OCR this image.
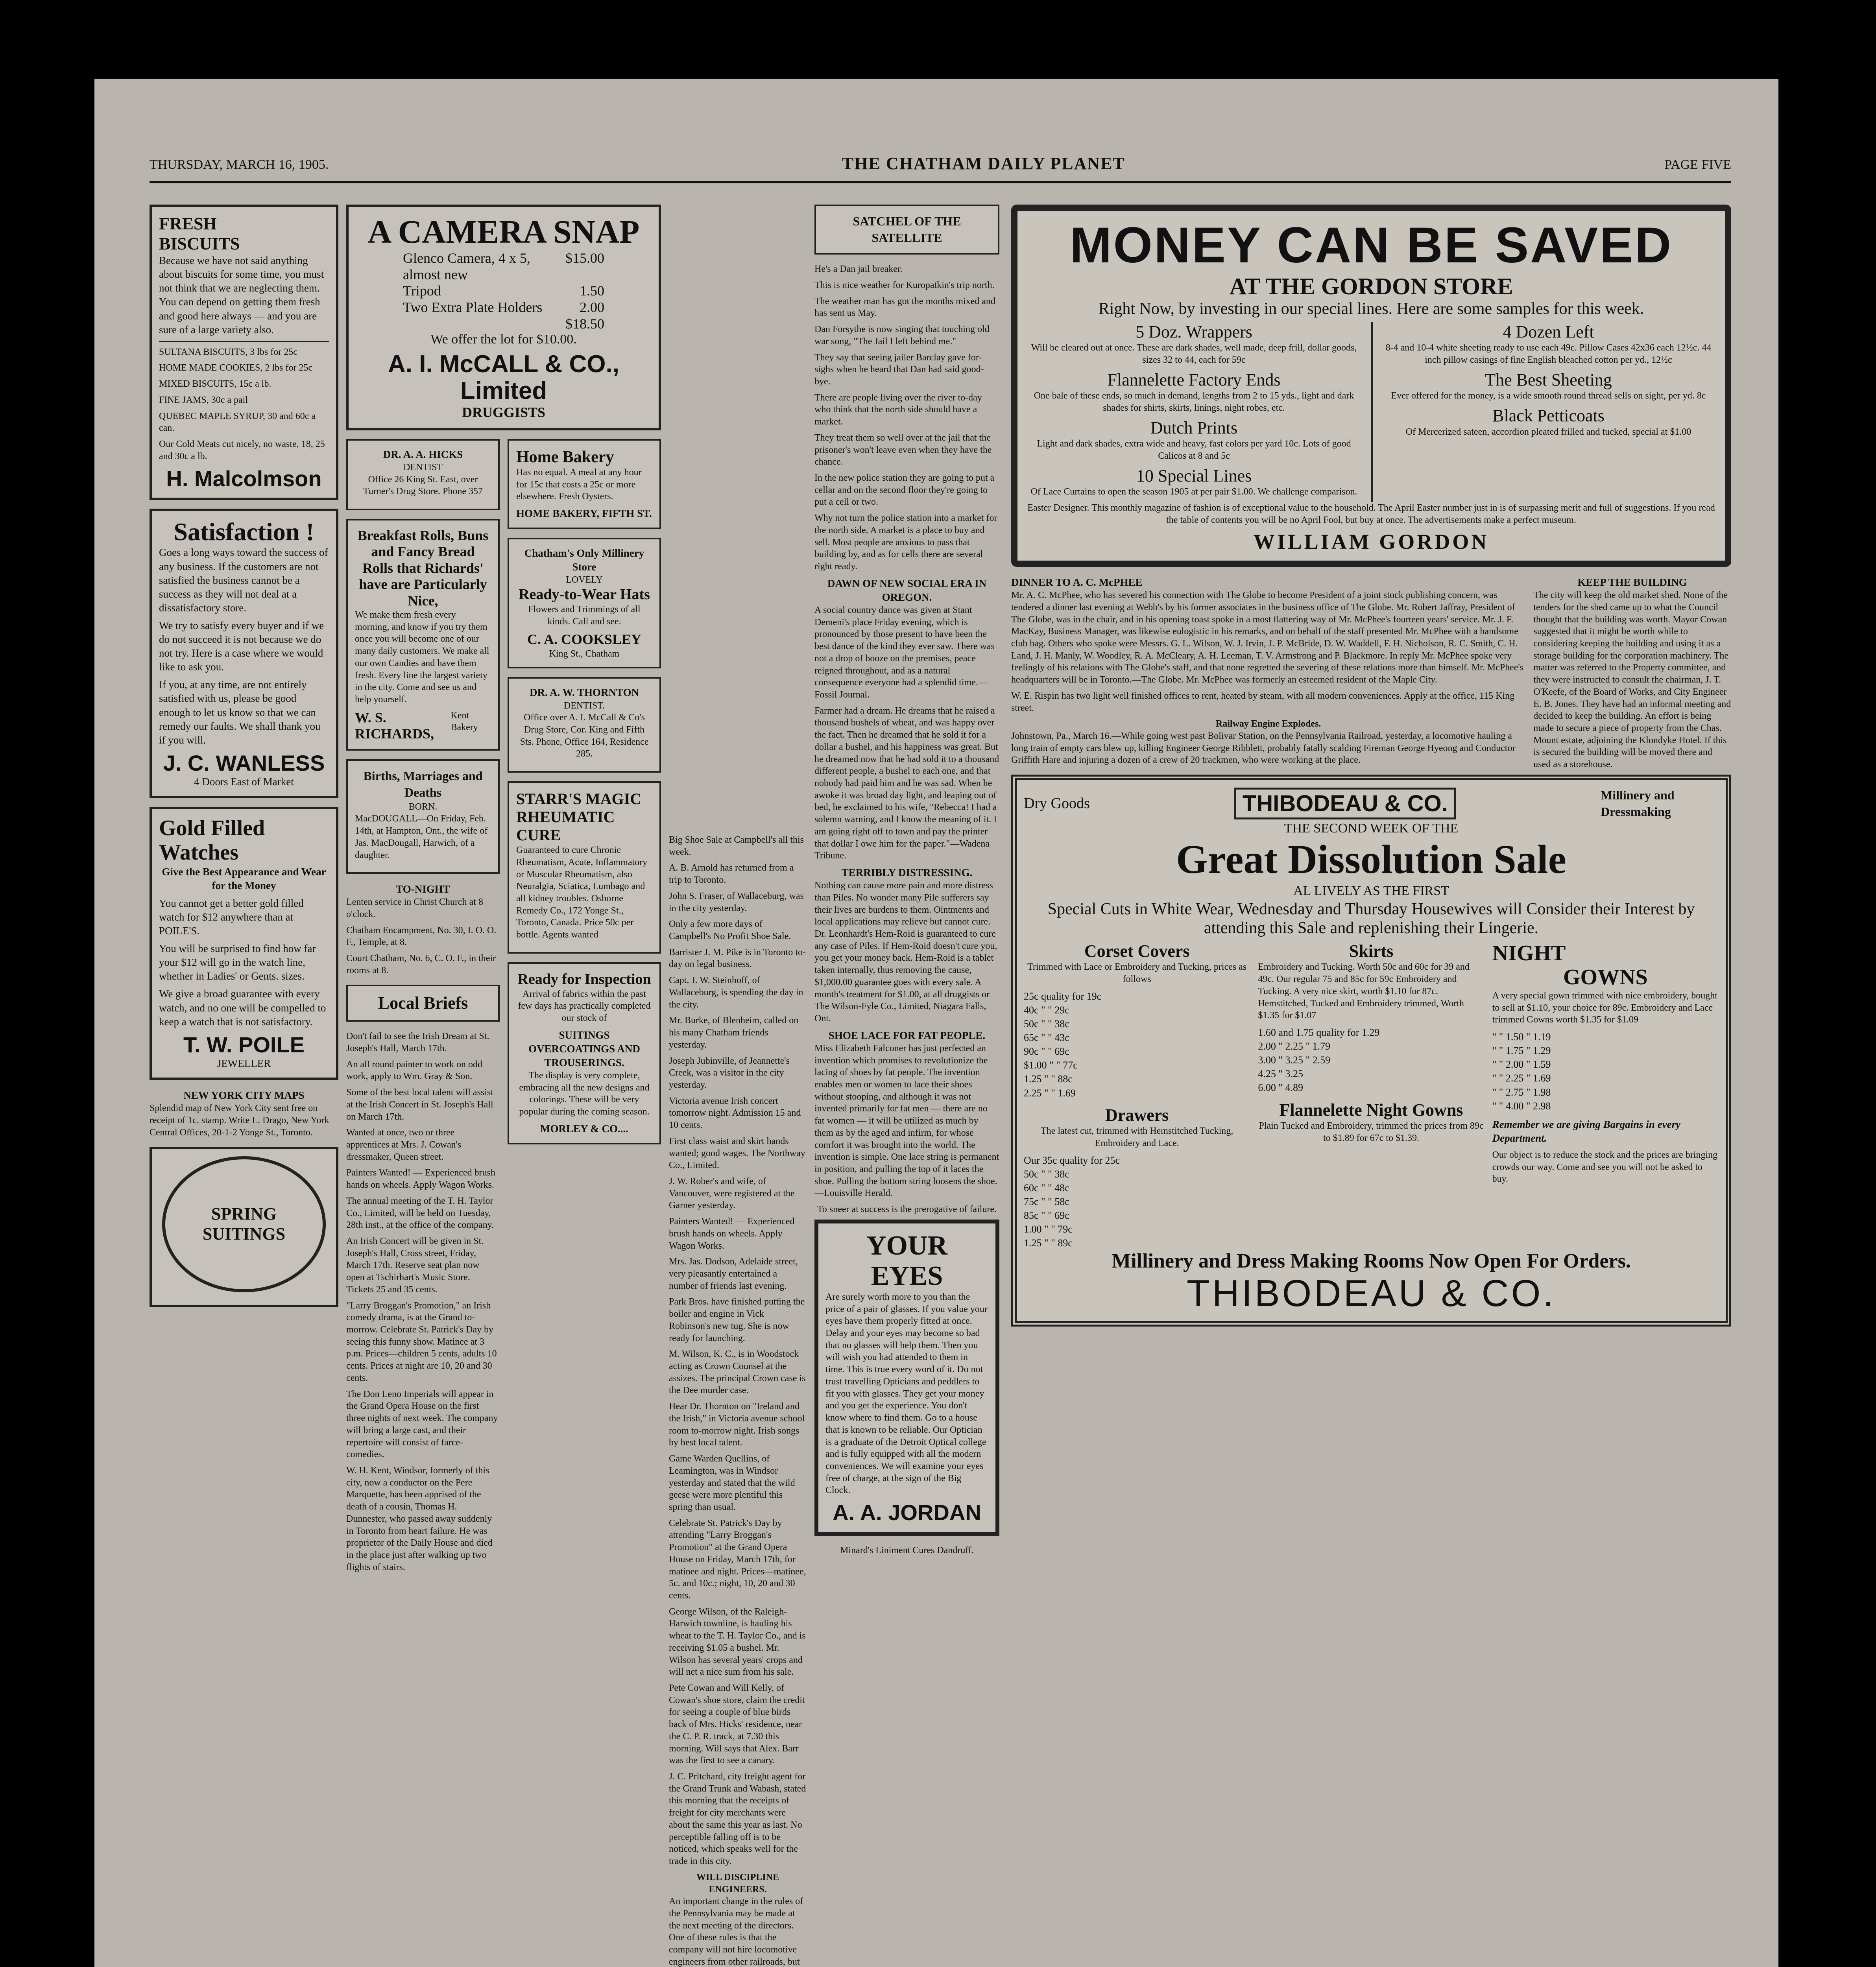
THURSDAY, MARCH 16, 1905.	THE CHATHAM DAILY PLANET	PAGE FIVE
FRESH
BISCUITS

Because we have not said anything about biscuits for some time, you must not think that we are neglecting them. You can depend on getting them fresh and good here always — and you are sure of a large variety also.

SULTANA BISCUITS, 3 lbs for 25c

HOME MADE COOKIES, 2 lbs for 25c

MIXED BISCUITS, 15c a lb.

FINE JAMS, 30c a pail

QUEBEC MAPLE SYRUP, 30 and 60c a can.

Our Cold Meats cut nicely, no waste, 18, 25 and 30c a lb.

H. Malcolmson
Satisfaction !

Goes a long ways toward the success of any business. If the customers are not satisfied the business cannot be a success as they will not deal at a dissatisfactory store.

We try to satisfy every buyer and if we do not succeed it is not because we do not try. Here is a case where we would like to ask you.

If you, at any time, are not entirely satisfied with us, please be good enough to let us know so that we can remedy our faults. We shall thank you if you will.

J. C. WANLESS
4 Doors East of Market
Gold Filled
Watches

Give the Best Appearance and Wear for the Money

You cannot get a better gold filled watch for $12 anywhere than at POILE'S.

You will be surprised to find how far your $12 will go in the watch line, whether in Ladies' or Gents. sizes.

We give a broad guarantee with every watch, and no one will be compelled to keep a watch that is not satisfactory.

T. W. POILE
JEWELLER
NEW YORK CITY MAPS

Splendid map of New York City sent free on receipt of 1c. stamp. Write L. Drago, New York Central Offices, 20-1-2 Yonge St., Toronto.

SPRING
SUITINGS
A CAMERA SNAP
Glenco Camera, 4 x 5, almost new
$15.00
Tripod	1.50
Two Extra Plate Holders	2.00
$18.50

We offer the lot for $10.00.

A. I. McCALL & CO., Limited
DRUGGISTS
DR. A. A. HICKS
DENTIST

Office 26 King St. East, over Turner's Drug Store. Phone 357

Breakfast Rolls, Buns and Fancy Bread Rolls that Richards' have are Particularly Nice,

We make them fresh every morning, and know if you try them once you will become one of our many daily customers. We make all our own Candies and have them fresh. Every line the largest variety in the city. Come and see us and help yourself.

W. S. RICHARDS,
Kent Bakery
Births, Marriages and Deaths
BORN.

MacDOUGALL—On Friday, Feb. 14th, at Hampton, Ont., the wife of Jas. MacDougall, Harwich, of a daughter.

TO-NIGHT

Lenten service in Christ Church at 8 o'clock.

Chatham Encampment, No. 30, I. O. O. F., Temple, at 8.

Court Chatham, No. 6, C. O. F., in their rooms at 8.

Local Briefs

Don't fail to see the Irish Dream at St. Joseph's Hall, March 17th.

An all round painter to work on odd work, apply to Wm. Gray & Son.

Some of the best local talent will assist at the Irish Concert in St. Joseph's Hall on March 17th.

Wanted at once, two or three apprentices at Mrs. J. Cowan's dressmaker, Queen street.

Painters Wanted! — Experienced brush hands on wheels. Apply Wagon Works.

The annual meeting of the T. H. Taylor Co., Limited, will be held on Tuesday, 28th inst., at the office of the company.

An Irish Concert will be given in St. Joseph's Hall, Cross street, Friday, March 17th. Reserve seat plan now open at Tschirhart's Music Store. Tickets 25 and 35 cents.

"Larry Broggan's Promotion," an Irish comedy drama, is at the Grand to-morrow. Celebrate St. Patrick's Day by seeing this funny show. Matinee at 3 p.m. Prices—children 5 cents, adults 10 cents. Prices at night are 10, 20 and 30 cents.

The Don Leno Imperials will appear in the Grand Opera House on the first three nights of next week. The company will bring a large cast, and their repertoire will consist of farce-comedies.

W. H. Kent, Windsor, formerly of this city, now a conductor on the Pere Marquette, has been apprised of the death of a cousin, Thomas H. Dunnester, who passed away suddenly in Toronto from heart failure. He was proprietor of the Daily House and died in the place just after walking up two flights of stairs.

Home Bakery

Has no equal. A meal at any hour for 15c that costs a 25c or more elsewhere. Fresh Oysters.

HOME BAKERY, FIFTH ST.
Chatham's Only Millinery Store
LOVELY
Ready-to-Wear Hats

Flowers and Trimmings of all kinds. Call and see.

C. A. COOKSLEY
King St., Chatham
DR. A. W. THORNTON
DENTIST.

Office over A. I. McCall & Co's Drug Store, Cor. King and Fifth Sts. Phone, Office 164, Residence 285.

STARR'S MAGIC RHEUMATIC CURE

Guaranteed to cure Chronic Rheumatism, Acute, Inflammatory or Muscular Rheumatism, also Neuralgia, Sciatica, Lumbago and all kidney troubles. Osborne Remedy Co., 172 Yonge St., Toronto, Canada. Price 50c per bottle. Agents wanted

Ready for Inspection

Arrival of fabrics within the past few days has practically completed our stock of

SUITINGS OVERCOATINGS AND TROUSERINGS.

The display is very complete, embracing all the new designs and colorings. These will be very popular during the coming season.

MORLEY & CO....
SATCHEL OF THE SATELLITE

He's a Dan jail breaker.

This is nice weather for Kuropatkin's trip north.

The weather man has got the months mixed and has sent us May.

Dan Forsythe is now singing that touching old war song, "The Jail I left behind me."

They say that seeing jailer Barclay gave for-sighs when he heard that Dan had said good-bye.

There are people living over the river to-day who think that the north side should have a market.

They treat them so well over at the jail that the prisoner's won't leave even when they have the chance.

In the new police station they are going to put a cellar and on the second floor they're going to put a cell or two.

Why not turn the police station into a market for the north side. A market is a place to buy and sell. Most people are anxious to pass that building by, and as for cells there are several right ready.

DAWN OF NEW SOCIAL ERA IN OREGON.

A social country dance was given at Stant Demeni's place Friday evening, which is pronounced by those present to have been the best dance of the kind they ever saw. There was not a drop of booze on the premises, peace reigned throughout, and as a natural consequence everyone had a splendid time.—Fossil Journal.

Farmer had a dream. He dreams that he raised a thousand bushels of wheat, and was happy over the fact. Then he dreamed that he sold it for a dollar a bushel, and his happiness was great. But he dreamed now that he had sold it to a thousand different people, a bushel to each one, and that nobody had paid him and he was sad. When he awoke it was broad day light, and leaping out of bed, he exclaimed to his wife, "Rebecca! I had a solemn warning, and I know the meaning of it. I am going right off to town and pay the printer that dollar I owe him for the paper."—Wadena Tribune.

TERRIBLY DISTRESSING.

Nothing can cause more pain and more distress than Piles. No wonder many Pile sufferers say their lives are burdens to them. Ointments and local applications may relieve but cannot cure. Dr. Leonhardt's Hem-Roid is guaranteed to cure any case of Piles. If Hem-Roid doesn't cure you, you get your money back. Hem-Roid is a tablet taken internally, thus removing the cause, $1,000.00 guarantee goes with every sale. A month's treatment for $1.00, at all druggists or The Wilson-Fyle Co., Limited, Niagara Falls, Ont.

SHOE LACE FOR FAT PEOPLE.

Miss Elizabeth Falconer has just perfected an invention which promises to revolutionize the lacing of shoes by fat people. The invention enables men or women to lace their shoes without stooping, and although it was not invented primarily for fat men — there are no fat women — it will be utilized as much by them as by the aged and infirm, for whose comfort it was brought into the world. The invention is simple. One lace string is permanent in position, and pulling the top of it laces the shoe. Pulling the bottom string loosens the shoe.—Louisville Herald.

To sneer at success is the prerogative of failure.

YOUR
EYES

Are surely worth more to you than the price of a pair of glasses. If you value your eyes have them properly fitted at once. Delay and your eyes may become so bad that no glasses will help them. Then you will wish you had attended to them in time. This is true every word of it. Do not trust travelling Opticians and peddlers to fit you with glasses. They get your money and you get the experience. You don't know where to find them. Go to a house that is known to be reliable. Our Optician is a graduate of the Detroit Optical college and is fully equipped with all the modern conveniences. We will examine your eyes free of charge, at the sign of the Big Clock.

A. A. JORDAN
Minard's Liniment Cures Dandruff.
MONEY CAN BE SAVED
AT THE GORDON STORE

Right Now, by investing in our special lines. Here are some samples for this week.

5 Doz. Wrappers

Will be cleared out at once. These are dark shades, well made, deep frill, dollar goods, sizes 32 to 44, each for 59c

Flannelette Factory Ends

One bale of these ends, so much in demand, lengths from 2 to 15 yds., light and dark shades for shirts, skirts, linings, night robes, etc.

Dutch Prints

Light and dark shades, extra wide and heavy, fast colors per yard 10c. Lots of good Calicos at 8 and 5c

10 Special Lines

Of Lace Curtains to open the season 1905 at per pair $1.00. We challenge comparison.

4 Dozen Left

8-4 and 10-4 white sheeting ready to use each 49c. Pillow Cases 42x36 each 12½c. 44 inch pillow casings of fine English bleached cotton per yd., 12½c

The Best Sheeting

Ever offered for the money, is a wide smooth round thread sells on sight, per yd. 8c

Black Petticoats

Of Mercerized sateen, accordion pleated frilled and tucked, special at $1.00

Easter Designer. This monthly magazine of fashion is of exceptional value to the household. The April Easter number just in is of surpassing merit and full of suggestions. If you read the table of contents you will be no April Fool, but buy at once. The advertisements make a perfect museum.

WILLIAM GORDON
DINNER TO A. C. McPHEE

Mr. A. C. McPhee, who has severed his connection with The Globe to become President of a joint stock publishing concern, was tendered a dinner last evening at Webb's by his former associates in the business office of The Globe. Mr. Robert Jaffray, President of The Globe, was in the chair, and in his opening toast spoke in a most flattering way of Mr. McPhee's fourteen years' service. Mr. J. F. MacKay, Business Manager, was likewise eulogistic in his remarks, and on behalf of the staff presented Mr. McPhee with a handsome club bag. Others who spoke were Messrs. G. L. Wilson, W. J. Irvin, J. P. McBride, D. W. Waddell, F. H. Nicholson, R. C. Smith, C. H. Land, J. H. Manly, W. Woodley, R. A. McCleary, A. H. Leeman, T. V. Armstrong and P. Blackmore. In reply Mr. McPhee spoke very feelingly of his relations with The Globe's staff, and that none regretted the severing of these relations more than himself. Mr. McPhee's headquarters will be in Toronto.—The Globe. Mr. McPhee was formerly an esteemed resident of the Maple City.

W. E. Rispin has two light well finished offices to rent, heated by steam, with all modern conveniences. Apply at the office, 115 King street.

Railway Engine Explodes.

Johnstown, Pa., March 16.—While going west past Bolivar Station, on the Pennsylvania Railroad, yesterday, a locomotive hauling a long train of empty cars blew up, killing Engineer George Ribblett, probably fatally scalding Fireman George Hyeong and Conductor Griffith Hare and injuring a dozen of a crew of 20 trackmen, who were working at the place.

KEEP THE BUILDING

The city will keep the old market shed. None of the tenders for the shed came up to what the Council thought that the building was worth. Mayor Cowan suggested that it might be worth while to considering keeping the building and using it as a storage building for the corporation machinery. The matter was referred to the Property committee, and they were instructed to consult the chairman, J. T. O'Keefe, of the Board of Works, and City Engineer E. B. Jones. They have had an informal meeting and decided to keep the building. An effort is being made to secure a piece of property from the Chas. Mount estate, adjoining the Klondyke Hotel. If this is secured the building will be moved there and used as a storehouse.

Dry Goods	THIBODEAU & CO.	Millinery and Dressmaking
THE SECOND WEEK OF THE
Great Dissolution Sale
AL LIVELY AS THE FIRST

Special Cuts in White Wear, Wednesday and Thursday Housewives will Consider their Interest by attending this Sale and replenishing their Lingerie.

Corset Covers

Trimmed with Lace or Embroidery and Tucking, prices as follows

25c quality for 19c
40c " " 29c
50c " " 38c
65c " " 43c
90c " " 69c
$1.00 " " 77c
1.25 " " 88c
2.25 " " 1.69
Drawers

The latest cut, trimmed with Hemstitched Tucking, Embroidery and Lace.

Our 35c quality for 25c
50c " " 38c
60c " " 48c
75c " " 58c
85c " " 69c
1.00 " " 79c
1.25 " " 89c
Skirts

Embroidery and Tucking. Worth 50c and 60c for 39 and 49c. Our regular 75 and 85c for 59c Embroidery and Tucking. A very nice skirt, worth $1.10 for 87c. Hemstitched, Tucked and Embroidery trimmed, Worth $1.35 for $1.07

1.60 and 1.75 quality for 1.29
2.00 " 2.25 " 1.79
3.00 " 3.25 " 2.59
4.25 " 3.25
6.00 " 4.89
Flannelette Night Gowns

Plain Tucked and Embroidery, trimmed the prices from 89c to $1.89 for 67c to $1.39.

NIGHT
GOWNS

A very special gown trimmed with nice embroidery, bought to sell at $1.10, your choice for 89c. Embroidery and Lace trimmed Gowns worth $1.35 for $1.09

" " 1.50 " 1.19
" " 1.75 " 1.29
" " 2.00 " 1.59
" " 2.25 " 1.69
" " 2.75 " 1.98
" " 4.00 " 2.98

Remember we are giving Bargains in every Department.

Our object is to reduce the stock and the prices are bringing crowds our way. Come and see you will not be asked to buy.

Millinery and Dress Making Rooms Now Open For Orders.
THIBODEAU & CO.

Big Shoe Sale at Campbell's all this week.

A. B. Arnold has returned from a trip to Toronto.

John S. Fraser, of Wallaceburg, was in the city yesterday.

Only a few more days of Campbell's No Profit Shoe Sale.

Barrister J. M. Pike is in Toronto to-day on legal business.

Capt. J. W. Steinhoff, of Wallaceburg, is spending the day in the city.

Mr. Burke, of Blenheim, called on his many Chatham friends yesterday.

Joseph Jubinville, of Jeannette's Creek, was a visitor in the city yesterday.

Victoria avenue Irish concert tomorrow night. Admission 15 and 10 cents.

First class waist and skirt hands wanted; good wages. The Northway Co., Limited.

J. W. Rober's and wife, of Vancouver, were registered at the Garner yesterday.

Painters Wanted! — Experienced brush hands on wheels. Apply Wagon Works.

Mrs. Jas. Dodson, Adelaide street, very pleasantly entertained a number of friends last evening.

Park Bros. have finished putting the boiler and engine in Vick Robinson's new tug. She is now ready for launching.

M. Wilson, K. C., is in Woodstock acting as Crown Counsel at the assizes. The principal Crown case is the Dee murder case.

Hear Dr. Thornton on "Ireland and the Irish," in Victoria avenue school room to-morrow night. Irish songs by best local talent.

Game Warden Quellins, of Leamington, was in Windsor yesterday and stated that the wild geese were more plentiful this spring than usual.

Celebrate St. Patrick's Day by attending "Larry Broggan's Promotion" at the Grand Opera House on Friday, March 17th, for matinee and night. Prices—matinee, 5c. and 10c.; night, 10, 20 and 30 cents.

George Wilson, of the Raleigh-Harwich townline, is hauling his wheat to the T. H. Taylor Co., and is receiving $1.05 a bushel. Mr. Wilson has several years' crops and will net a nice sum from his sale.

Pete Cowan and Will Kelly, of Cowan's shoe store, claim the credit for seeing a couple of blue birds back of Mrs. Hicks' residence, near the C. P. R. track, at 7.30 this morning. Will says that Alex. Barr was the first to see a canary.

J. C. Pritchard, city freight agent for the Grand Trunk and Wabash, stated this morning that the receipts of freight for city merchants were about the same this year as last. No perceptible falling off is to be noticed, which speaks well for the trade in this city.

WILL DISCIPLINE ENGINEERS.

An important change in the rules of the Pennsylvania may be made at the next meeting of the directors. One of these rules is that the company will not hire locomotive engineers from other railroads, but
